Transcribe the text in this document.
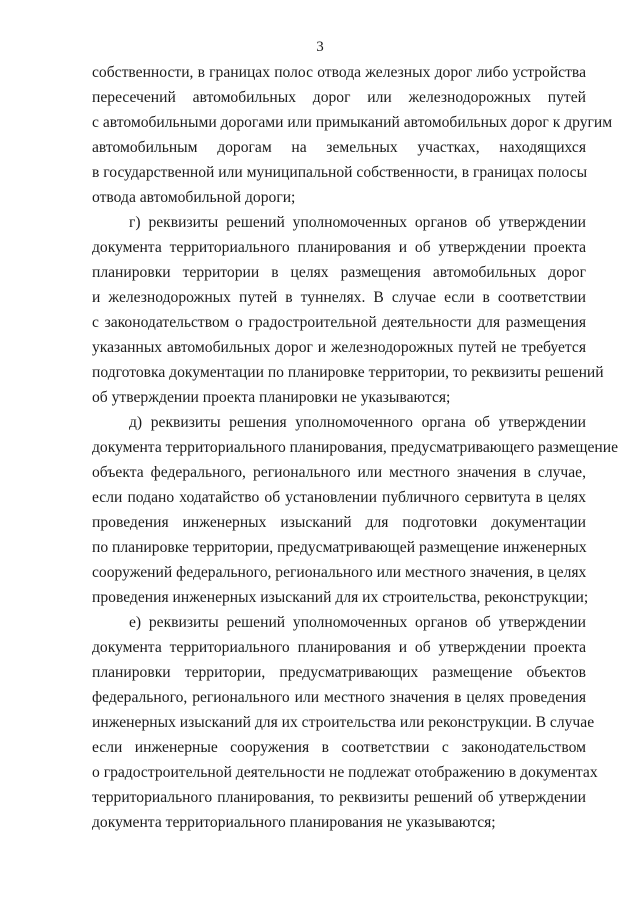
3
собственности, в границах полос отвода железных дорог либо устройства
пересечений автомобильных дорог или железнодорожных путей
с автомобильными дорогами или примыканий автомобильных дорог к другим
автомобильным дорогам на земельных участках, находящихся
в государственной или муниципальной собственности, в границах полосы
отвода автомобильной дороги;
г) реквизиты решений уполномоченных органов об утверждении
документа территориального планирования и об утверждении проекта
планировки территории в целях размещения автомобильных дорог
и железнодорожных путей в туннелях. В случае если в соответствии
с законодательством о градостроительной деятельности для размещения
указанных автомобильных дорог и железнодорожных путей не требуется
подготовка документации по планировке территории, то реквизиты решений
об утверждении проекта планировки не указываются;
д) реквизиты решения уполномоченного органа об утверждении
документа территориального планирования, предусматривающего размещение
объекта федерального, регионального или местного значения в случае,
если подано ходатайство об установлении публичного сервитута в целях
проведения инженерных изысканий для подготовки документации
по планировке территории, предусматривающей размещение инженерных
сооружений федерального, регионального или местного значения, в целях
проведения инженерных изысканий для их строительства, реконструкции;
е) реквизиты решений уполномоченных органов об утверждении
документа территориального планирования и об утверждении проекта
планировки территории, предусматривающих размещение объектов
федерального, регионального или местного значения в целях проведения
инженерных изысканий для их строительства или реконструкции. В случае
если инженерные сооружения в соответствии с законодательством
о градостроительной деятельности не подлежат отображению в документах
территориального планирования, то реквизиты решений об утверждении
документа территориального планирования не указываются;
